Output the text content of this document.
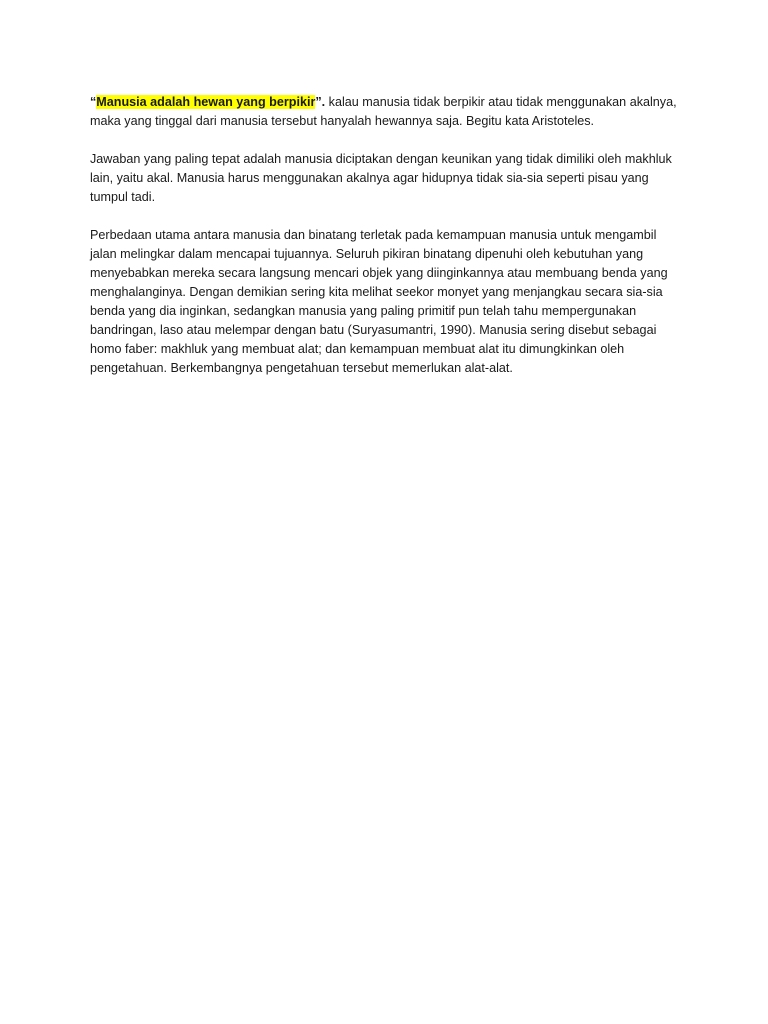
“Manusia adalah hewan yang berpikir”. kalau manusia tidak berpikir atau tidak menggunakan akalnya, maka yang tinggal dari manusia tersebut hanyalah hewannya saja. Begitu kata Aristoteles.

Jawaban yang paling tepat adalah manusia diciptakan dengan keunikan yang tidak dimiliki oleh makhluk lain, yaitu akal. Manusia harus menggunakan akalnya agar hidupnya tidak sia-sia seperti pisau yang tumpul tadi.

Perbedaan utama antara manusia dan binatang terletak pada kemampuan manusia untuk mengambil jalan melingkar dalam mencapai tujuannya. Seluruh pikiran binatang dipenuhi oleh kebutuhan yang menyebabkan mereka secara langsung mencari objek yang diinginkannya atau membuang benda yang menghalanginya. Dengan demikian sering kita melihat seekor monyet yang menjangkau secara sia-sia benda yang dia inginkan, sedangkan manusia yang paling primitif pun telah tahu mempergunakan bandringan, laso atau melempar dengan batu (Suryasumantri, 1990). Manusia sering disebut sebagai homo faber: makhluk yang membuat alat; dan kemampuan membuat alat itu dimungkinkan oleh pengetahuan. Berkembangnya pengetahuan tersebut memerlukan alat-alat.
